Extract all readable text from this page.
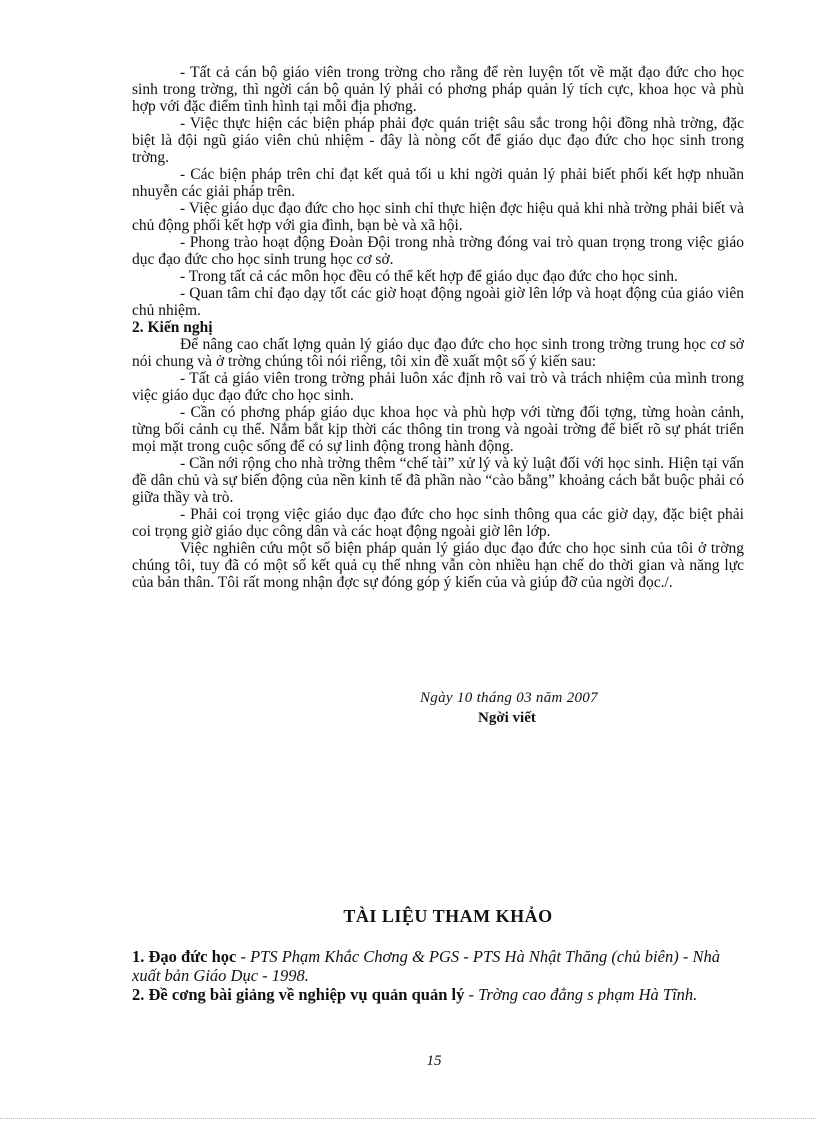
- Tất cả cán bộ giáo viên trong trờng cho rằng để rèn luyện tốt về mặt đạo đức cho học sinh trong trờng, thì ngời cán bộ quản lý phải có phơng pháp quản lý tích cực, khoa học và phù hợp với đặc điểm tình hình tại mỗi địa phơng.

- Việc thực hiện các biện pháp phải đợc quán triệt sâu sắc trong hội đồng nhà trờng, đặc biệt là đội ngũ giáo viên chủ nhiệm - đây là nòng cốt để giáo dục đạo đức cho học sinh trong trờng.

- Các biện pháp trên chỉ đạt kết quả tối u khi ngời quản lý phải biết phối kết hợp nhuần nhuyễn các giải pháp trên.

- Việc giáo dục đạo đức cho học sinh chỉ thực hiện đợc hiệu quả khi nhà trờng phải biết và chủ động phối kết hợp với gia đình, bạn bè và xã hội.

- Phong trào hoạt động Đoàn Đội trong nhà trờng đóng vai trò quan trọng trong việc giáo dục đạo đức cho học sinh trung học cơ sở.

- Trong tất cả các môn học đều có thể kết hợp để giáo dục đạo đức cho học sinh.

- Quan tâm chỉ đạo dạy tốt các giờ hoạt động ngoài giờ lên lớp và hoạt động của giáo viên chủ nhiệm.

2. Kiến nghị

Để nâng cao chất lợng quản lý giáo dục đạo đức cho học sinh trong trờng trung học cơ sở nói chung và ở trờng chúng tôi nói riêng, tôi xin đề xuất một số ý kiến sau:

- Tất cả giáo viên trong trờng phải luôn xác định rõ vai trò và trách nhiệm của mình trong việc giáo dục đạo đức cho học sinh.

- Cần có phơng pháp giáo dục khoa học và phù hợp với từng đối tợng, từng hoàn cảnh, từng bối cảnh cụ thể. Nắm bắt kịp thời các thông tin trong và ngoài trờng để biết rõ sự phát triển mọi mặt trong cuộc sống để có sự linh động trong hành động.

- Cần nới rộng cho nhà trờng thêm “chế tài” xử lý và kỷ luật đối với học sinh. Hiện tại vấn đề dân chủ và sự biến động của nền kinh tế đã phần nào “cào bằng” khoảng cách bắt buộc phải có giữa thầy và trò.

- Phải coi trọng việc giáo dục đạo đức cho học sinh thông qua các giờ dạy, đặc biệt phải coi trọng giờ giáo dục công dân và các hoạt động ngoài giờ lên lớp.

Việc nghiên cứu một số biện pháp quản lý giáo dục đạo đức cho học sinh của tôi ở trờng chúng tôi, tuy đã có một số kết quả cụ thể nhng vẫn còn nhiều hạn chế do thời gian và năng lực của bản thân. Tôi rất mong nhận đợc sự đóng góp ý kiến của và giúp đỡ của ngời đọc./.

Ngày 10 tháng 03 năm 2007
Ngời viết
TÀI LIỆU THAM KHẢO

1. Đạo đức học - PTS Phạm Khắc Chơng & PGS - PTS Hà Nhật Thăng (chủ biên) - Nhà xuất bản Giáo Dục - 1998.

2. Đề cơng bài giảng về nghiệp vụ quản quản lý - Trờng cao đẳng s phạm Hà Tĩnh.

15
